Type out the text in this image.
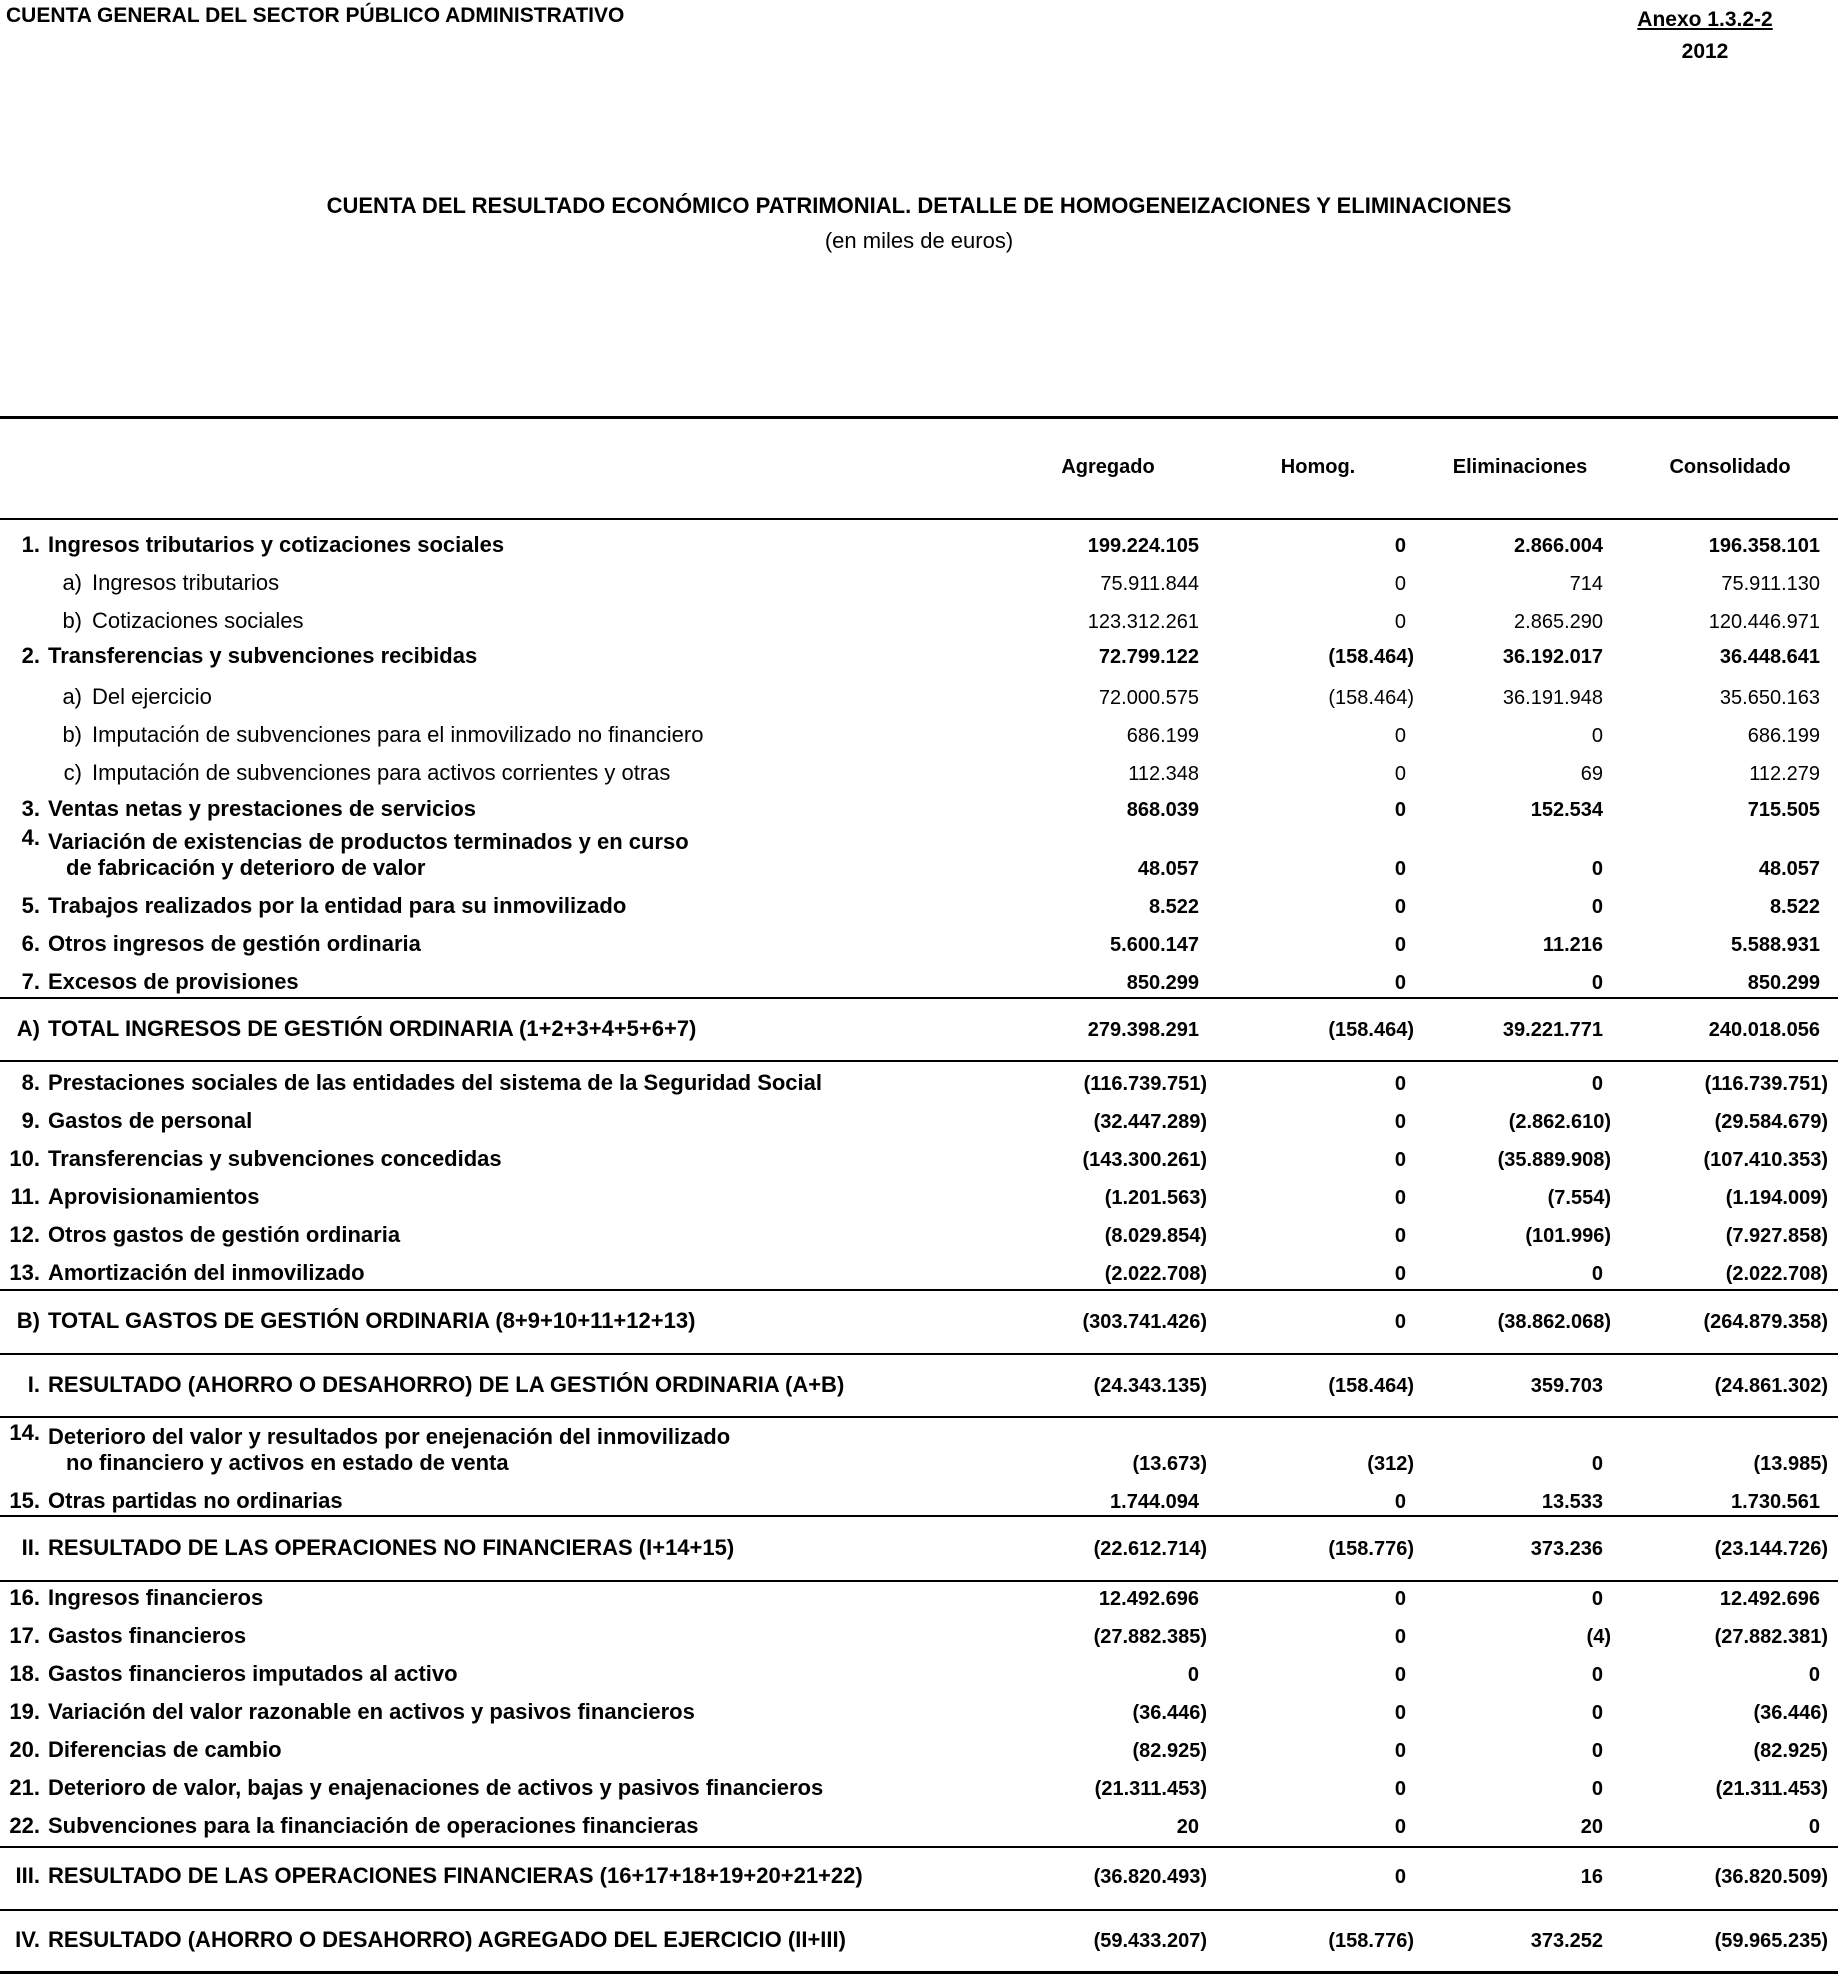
CUENTA GENERAL DEL SECTOR PÚBLICO ADMINISTRATIVO	Anexo 1.3.2-2
2012
CUENTA DEL RESULTADO ECONÓMICO PATRIMONIAL. DETALLE DE HOMOGENEIZACIONES Y ELIMINACIONES
(en miles de euros)
Agregado	Homog.	Eliminaciones	Consolidado
1. Ingresos tributarios y cotizaciones sociales	199.224.105	0	2.866.004	196.358.101
a) Ingresos tributarios	75.911.844	0	714	75.911.130
b) Cotizaciones sociales	123.312.261	0	2.865.290	120.446.971
2. Transferencias y subvenciones recibidas	72.799.122	(158.464)	36.192.017	36.448.641
a) Del ejercicio	72.000.575	(158.464)	36.191.948	35.650.163
b) Imputación de subvenciones para el inmovilizado no financiero	686.199	0	0	686.199
c) Imputación de subvenciones para activos corrientes y otras	112.348	0	69	112.279
3. Ventas netas y prestaciones de servicios	868.039	0	152.534	715.505
4. Variación de existencias de productos terminados y en curso
de fabricación y deterioro de valor	48.057	0	0	48.057
5. Trabajos realizados por la entidad para su inmovilizado	8.522	0	0	8.522
6. Otros ingresos de gestión ordinaria	5.600.147	0	11.216	5.588.931
7. Excesos de provisiones	850.299	0	0	850.299
A) TOTAL INGRESOS DE GESTIÓN ORDINARIA (1+2+3+4+5+6+7)	279.398.291	(158.464)	39.221.771	240.018.056
8. Prestaciones sociales de las entidades del sistema de la Seguridad Social	(116.739.751)	0	0	(116.739.751)
9. Gastos de personal	(32.447.289)	0	(2.862.610)	(29.584.679)
10. Transferencias y subvenciones concedidas	(143.300.261)	0	(35.889.908)	(107.410.353)
11. Aprovisionamientos	(1.201.563)	0	(7.554)	(1.194.009)
12. Otros gastos de gestión ordinaria	(8.029.854)	0	(101.996)	(7.927.858)
13. Amortización del inmovilizado	(2.022.708)	0	0	(2.022.708)
B) TOTAL GASTOS DE GESTIÓN ORDINARIA (8+9+10+11+12+13)	(303.741.426)	0	(38.862.068)	(264.879.358)
I. RESULTADO (AHORRO O DESAHORRO) DE LA GESTIÓN ORDINARIA (A+B)	(24.343.135)	(158.464)	359.703	(24.861.302)
14. Deterioro del valor y resultados por enejenación del inmovilizado
no financiero y activos en estado de venta	(13.673)	(312)	0	(13.985)
15. Otras partidas no ordinarias	1.744.094	0	13.533	1.730.561
II. RESULTADO DE LAS OPERACIONES NO FINANCIERAS (I+14+15)	(22.612.714)	(158.776)	373.236	(23.144.726)
16. Ingresos financieros	12.492.696	0	0	12.492.696
17. Gastos financieros	(27.882.385)	0	(4)	(27.882.381)
18. Gastos financieros imputados al activo	0	0	0	0
19. Variación del valor razonable en activos y pasivos financieros	(36.446)	0	0	(36.446)
20. Diferencias de cambio	(82.925)	0	0	(82.925)
21. Deterioro de valor, bajas y enajenaciones de activos y pasivos financieros	(21.311.453)	0	0	(21.311.453)
22. Subvenciones para la financiación de operaciones financieras	20	0	20	0
III. RESULTADO DE LAS OPERACIONES FINANCIERAS (16+17+18+19+20+21+22)	(36.820.493)	0	16	(36.820.509)
IV. RESULTADO (AHORRO O DESAHORRO) AGREGADO DEL EJERCICIO (II+III)	(59.433.207)	(158.776)	373.252	(59.965.235)
